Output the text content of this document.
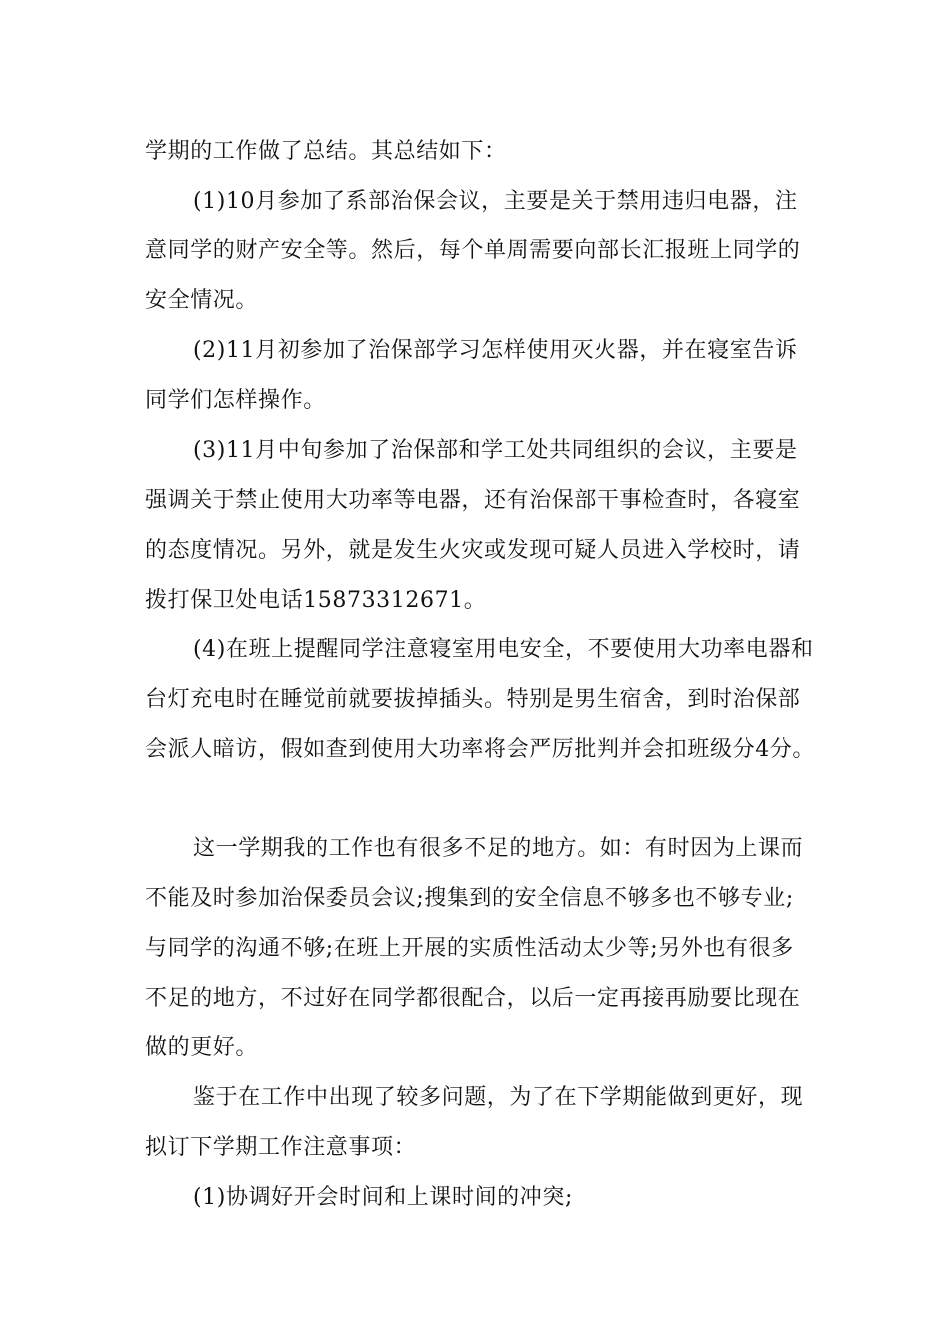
学期的工作做了总结。其总结如下：
(1)10月参加了系部治保会议，主要是关于禁用违归电器，注
意同学的财产安全等。然后，每个单周需要向部长汇报班上同学的
安全情况。
(2)11月初参加了治保部学习怎样使用灭火器，并在寝室告诉
同学们怎样操作。
(3)11月中旬参加了治保部和学工处共同组织的会议，主要是
强调关于禁止使用大功率等电器，还有治保部干事检查时，各寝室
的态度情况。另外，就是发生火灾或发现可疑人员进入学校时，请
拨打保卫处电话15873312671。
(4)在班上提醒同学注意寝室用电安全，不要使用大功率电器和
台灯充电时在睡觉前就要拔掉插头。特别是男生宿舍，到时治保部
会派人暗访，假如查到使用大功率将会严厉批判并会扣班级分4分。
这一学期我的工作也有很多不足的地方。如：有时因为上课而
不能及时参加治保委员会议;搜集到的安全信息不够多也不够专业;
与同学的沟通不够;在班上开展的实质性活动太少等;另外也有很多
不足的地方，不过好在同学都很配合，以后一定再接再励要比现在
做的更好。
鉴于在工作中出现了较多问题，为了在下学期能做到更好，现
拟订下学期工作注意事项：
(1)协调好开会时间和上课时间的冲突;
